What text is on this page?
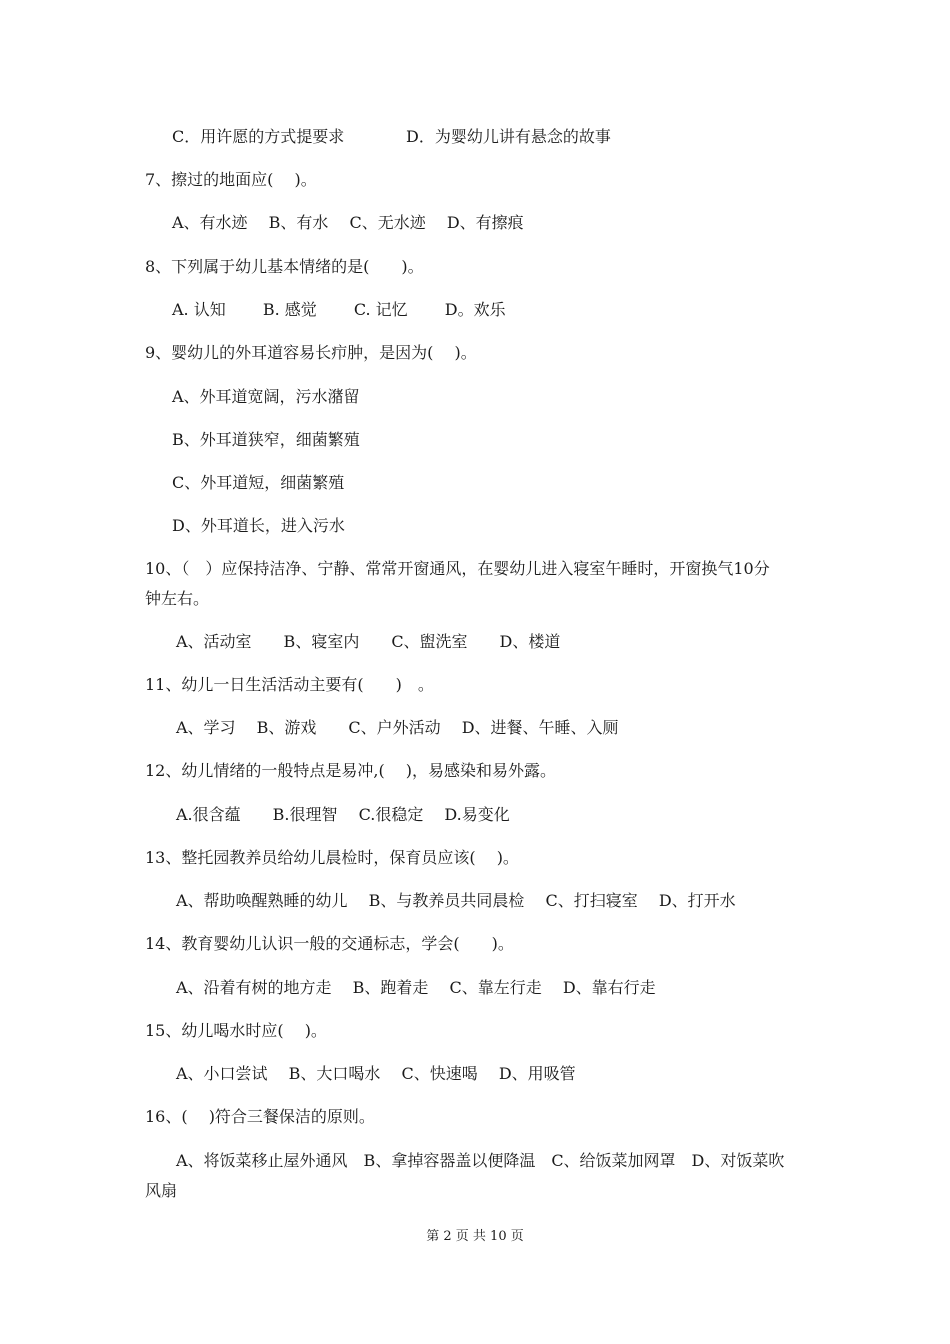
C．用许愿的方式提要求	D．为婴幼儿讲有悬念的故事
7、擦过的地面应(　 )。
A、有水迹　 B、有水　 C、无水迹　 D、有擦痕
8、下列属于幼儿基本情绪的是(　　)。
A. 认知　　 B. 感觉　　 C. 记忆　　 D。欢乐
9、婴幼儿的外耳道容易长疖肿，是因为(　 )。
A、外耳道宽阔，污水潴留
B、外耳道狭窄，细菌繁殖
C、外耳道短，细菌繁殖
D、外耳道长，进入污水
10、（　）应保持洁净、宁静、常常开窗通风，在婴幼儿进入寝室午睡时，开窗换气10分
钟左右。
A、活动室　　B、寝室内　　C、盥洗室　　D、楼道
11、幼儿一日生活活动主要有(　　)　。
A、学习　 B、游戏　　C、户外活动　 D、进餐、午睡、入厕
12、幼儿情绪的一般特点是易冲,(　 )，易感染和易外露。
A.很含蕴　　B.很理智　 C.很稳定　 D.易变化
13、整托园教养员给幼儿晨检时，保育员应该(　 )。
A、帮助唤醒熟睡的幼儿　 B、与教养员共同晨检　 C、打扫寝室　 D、打开水
14、教育婴幼儿认识一般的交通标志，学会(　　)。
A、沿着有树的地方走　 B、跑着走　 C、靠左行走　 D、靠右行走
15、幼儿喝水时应(　 )。
A、小口尝试　 B、大口喝水　 C、快速喝　 D、用吸管
16、(　 )符合三餐保洁的原则。
A、将饭菜移止屋外通风　B、拿掉容器盖以便降温　C、给饭菜加网罩　D、对饭菜吹
风扇
第 2 页 共 10 页
